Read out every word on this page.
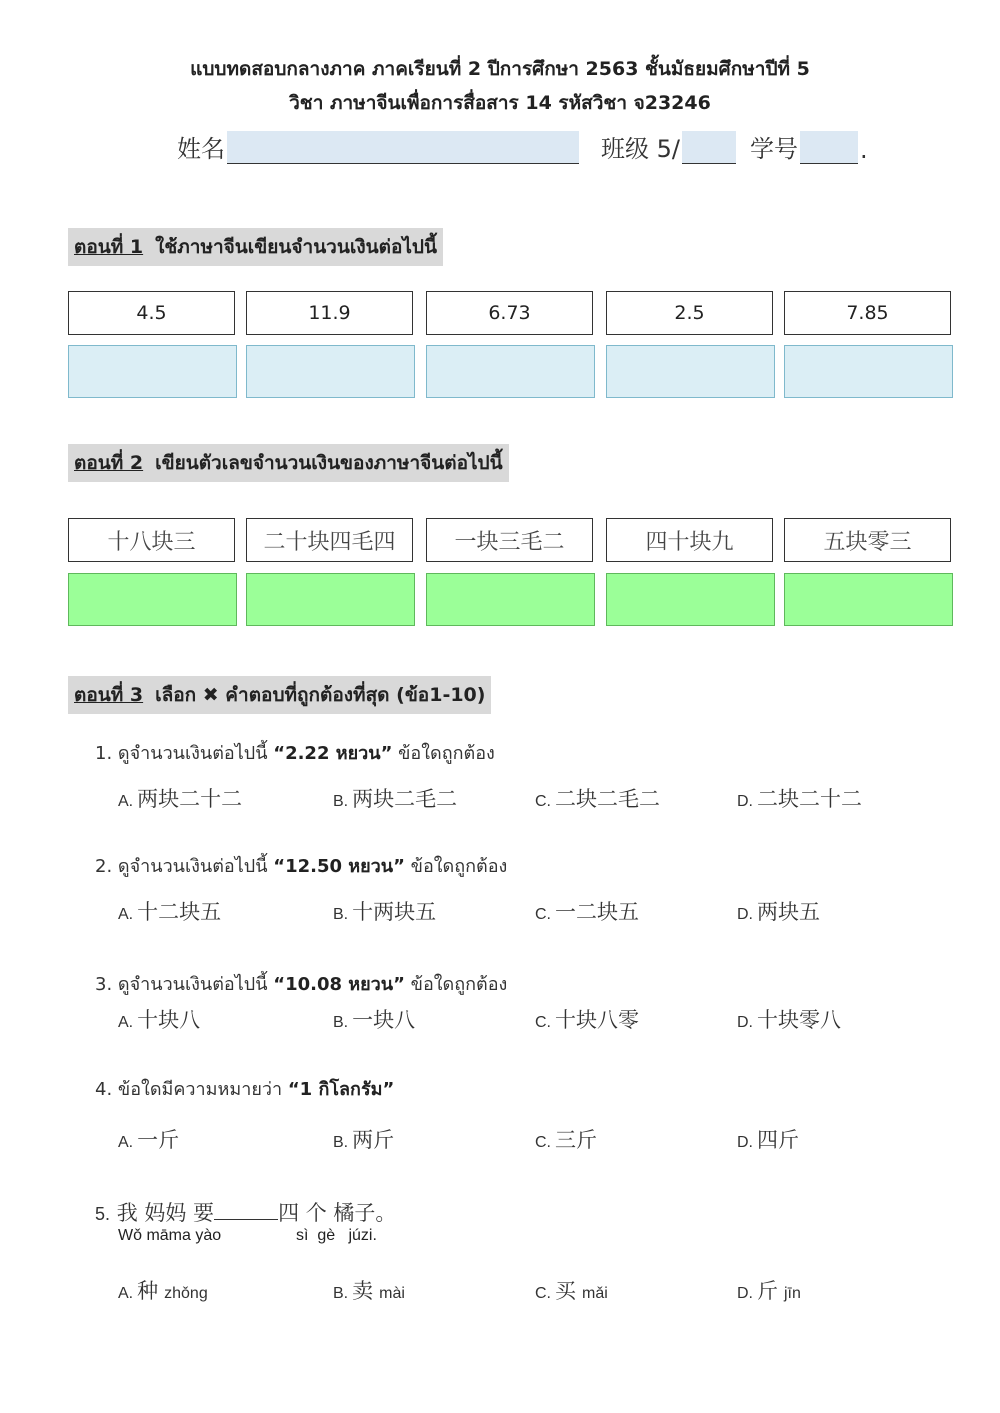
แบบทดสอบกลางภาค ภาคเรียนที่ 2 ปีการศึกษา 2563 ชั้นมัธยมศึกษาปีที่ 5
วิชา ภาษาจีนเพื่อการสื่อสาร 14 รหัสวิชา จ23246
姓名	班级 5/	学号	.
ตอนที่ 1 ใช้ภาษาจีนเขียนจำนวนเงินต่อไปนี้
4.5	11.9	6.73	2.5	7.85
ตอนที่ 2 เขียนตัวเลขจำนวนเงินของภาษาจีนต่อไปนี้
十八块三	二十块四毛四	一块三毛二	四十块九	五块零三
ตอนที่ 3 เลือก ✖ คำตอบที่ถูกต้องที่สุด (ข้อ1-10)
1. ดูจำนวนเงินต่อไปนี้ “2.22 หยวน” ข้อใดถูกต้อง
A. 两块二十二	B. 两块二毛二	C. 二块二毛二	D. 二块二十二
2. ดูจำนวนเงินต่อไปนี้ “12.50 หยวน” ข้อใดถูกต้อง
A. 十二块五	B. 十两块五	C. 一二块五	D. 两块五
3. ดูจำนวนเงินต่อไปนี้ “10.08 หยวน” ข้อใดถูกต้อง
A. 十块八	B. 一块八	C. 十块八零	D. 十块零八
4. ข้อใดมีความหมายว่า “1 กิโลกรัม”
A. 一斤	B. 两斤	C. 三斤	D. 四斤
5. 我 妈妈 要	四 个 橘子。
Wǒ māma yào	sì  gè   júzi.
A. 种 zhǒng	B. 卖 mài	C. 买 mǎi	D. 斤 jīn
